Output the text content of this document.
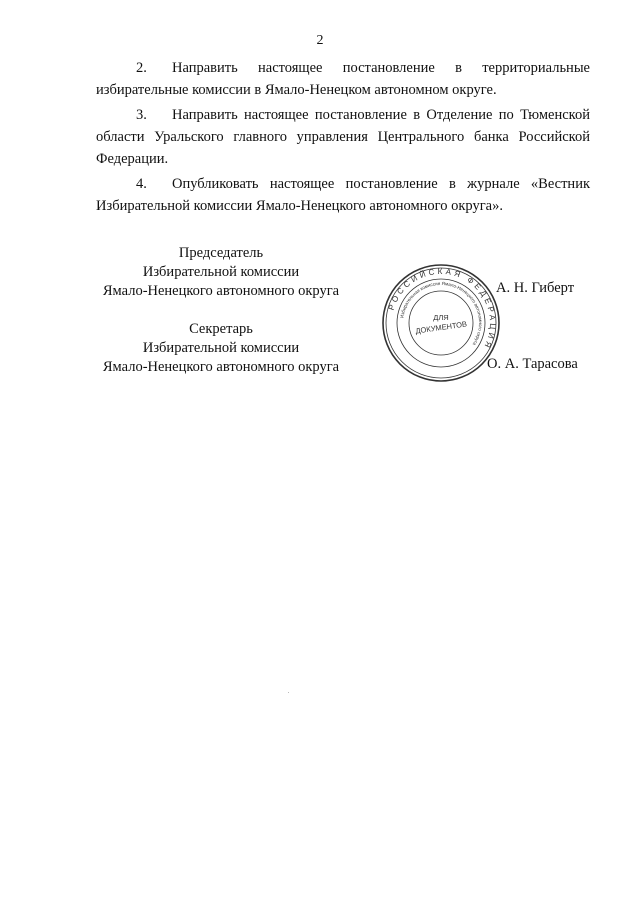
2

2. Направить настоящее постановление в территориальные избирательные комиссии в Ямало-Ненецком автономном округе.

3. Направить настоящее постановление в Отделение по Тюменской области Уральского главного управления Центрального банка Российской Федерации.

4. Опубликовать настоящее постановление в журнале «Вестник Избирательной комиссии Ямало-Ненецкого автономного округа».

Председатель
Избирательной комиссии
Ямало-Ненецкого автономного округа	А. Н. Гиберт
Секретарь
Избирательной комиссии
Ямало-Ненецкого автономного округа	О. А. Тарасова
РОССИЙСКАЯ ФЕДЕРАЦИЯ
Избирательная комиссия Ямало-Ненецкого автономного округа
ДЛЯ
ДОКУМЕНТОВ
